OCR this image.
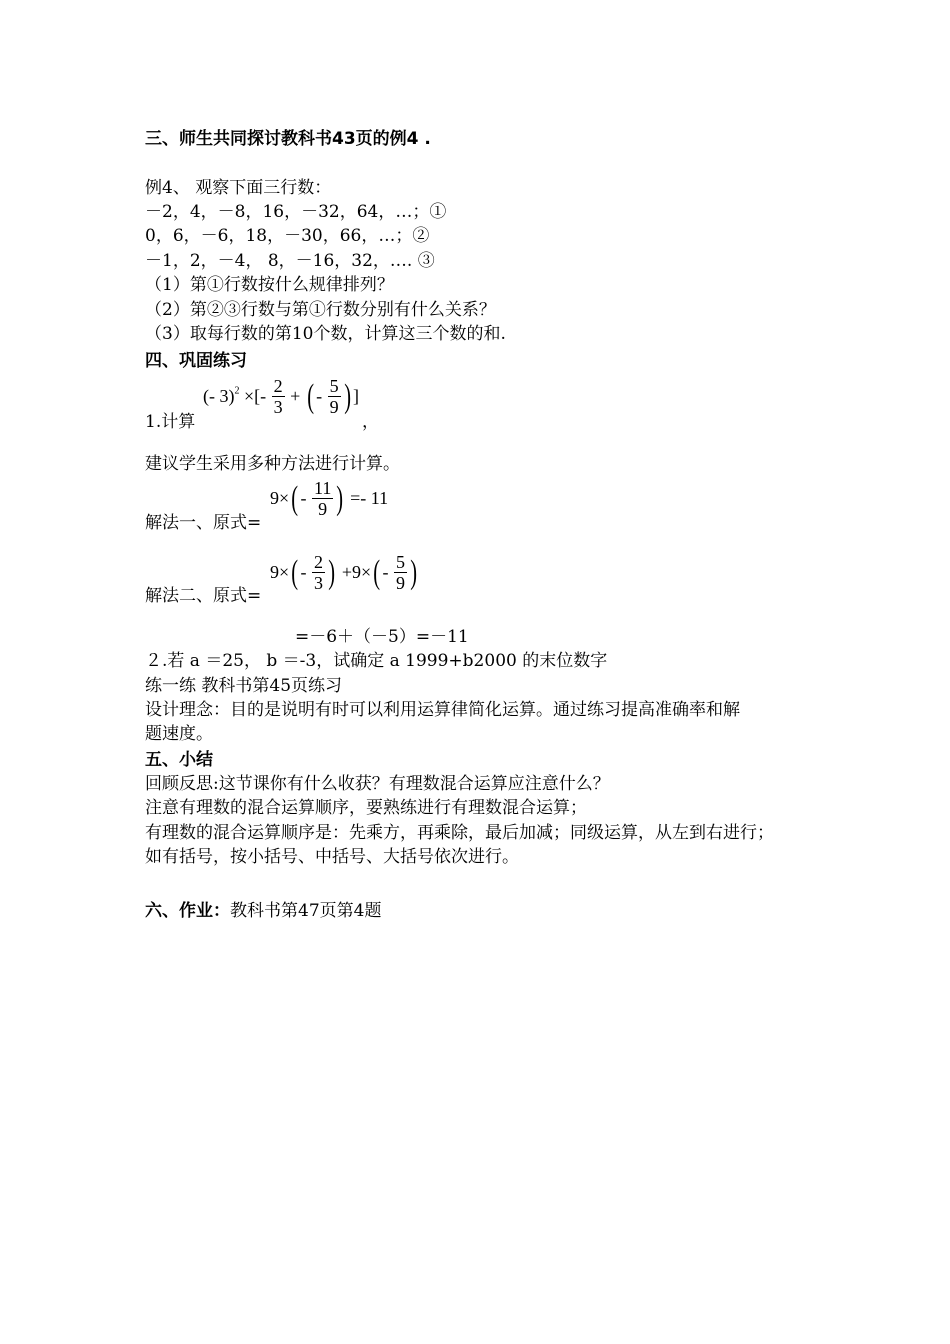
三、师生共同探讨教科书43页的例4 .
例4、 观察下面三行数：
－2，4，－8，16，－32，64，…；①
0，6，－6，18，－30，66，…；②
－1，2，－4， 8，－16，32，…. ③
（1）第①行数按什么规律排列？
（2）第②③行数与第①行数分别有什么关系？
（3）取每行数的第10个数，计算这三个数的和.
四、巩固练习
(- 3)$^2$ ×[- $\frac{2}{3}$ + ( - $\frac{5}{9}$ ) ]
1.计算	，
建议学生采用多种方法进行计算。
$9\times( - \frac{11}{9}$ ) =- 11
解法一、原式=
$9\times( - \frac{2}{3}$ ) $+9\times( - \frac{5}{9}$ )
解法二、原式=
=－6＋（－5）=－11
２.若 a ＝25， b ＝-3，试确定 a 1999+b2000 的末位数字
练一练 教科书第45页练习
设计理念：目的是说明有时可以利用运算律简化运算。通过练习提高准确率和解
题速度。
五、小结
回顾反思:这节课你有什么收获？有理数混合运算应注意什么？
注意有理数的混合运算顺序，要熟练进行有理数混合运算；
有理数的混合运算顺序是：先乘方，再乘除，最后加减；同级运算，从左到右进行；
如有括号，按小括号、中括号、大括号依次进行。
六、作业：教科书第47页第4题
